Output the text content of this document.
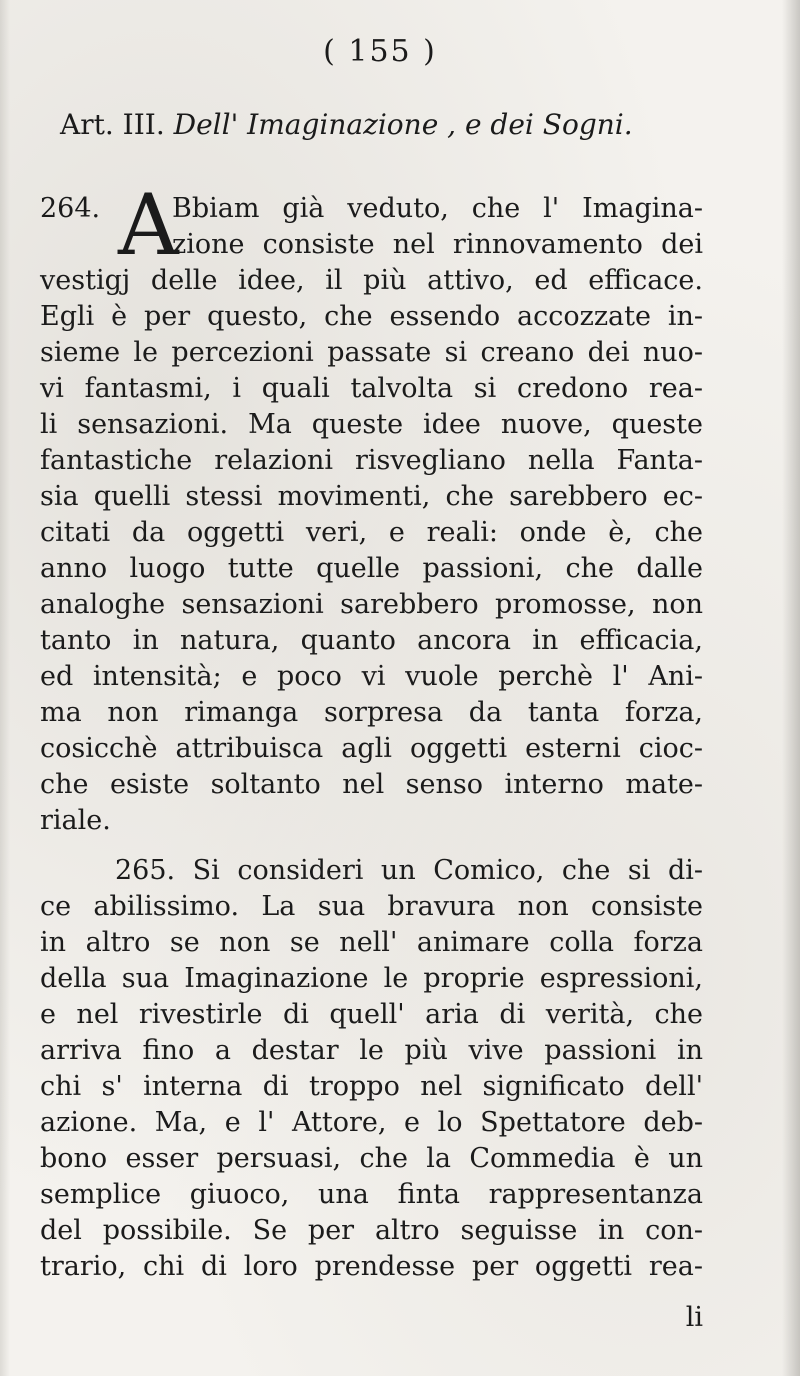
( 155 )
Art. III. Dell' Imaginazione , e dei Sogni.
264. A
Bbiam già veduto, che l' Imagina-
zione consiste nel rinnovamento dei
vestigj delle idee, il più attivo, ed efficace.
Egli è per questo, che essendo accozzate in-
sieme le percezioni passate si creano dei nuo-
vi fantasmi, i quali talvolta si credono rea-
li sensazioni. Ma queste idee nuove, queste
fantastiche relazioni risvegliano nella Fanta-
sia quelli stessi movimenti, che sarebbero ec-
citati da oggetti veri, e reali: onde è, che
anno luogo tutte quelle passioni, che dalle
analoghe sensazioni sarebbero promosse, non
tanto in natura, quanto ancora in efficacia,
ed intensità; e poco vi vuole perchè l' Ani-
ma non rimanga sorpresa da tanta forza,
cosicchè attribuisca agli oggetti esterni cioc-
che esiste soltanto nel senso interno mate-
riale.
265. Si consideri un Comico, che si di-
ce abilissimo. La sua bravura non consiste
in altro se non se nell' animare colla forza
della sua Imaginazione le proprie espressioni,
e nel rivestirle di quell' aria di verità, che
arriva fino a destar le più vive passioni in
chi s' interna di troppo nel significato dell'
azione. Ma, e l' Attore, e lo Spettatore deb-
bono esser persuasi, che la Commedia è un
semplice giuoco, una finta rappresentanza
del possibile. Se per altro seguisse in con-
trario, chi di loro prendesse per oggetti rea-
li
